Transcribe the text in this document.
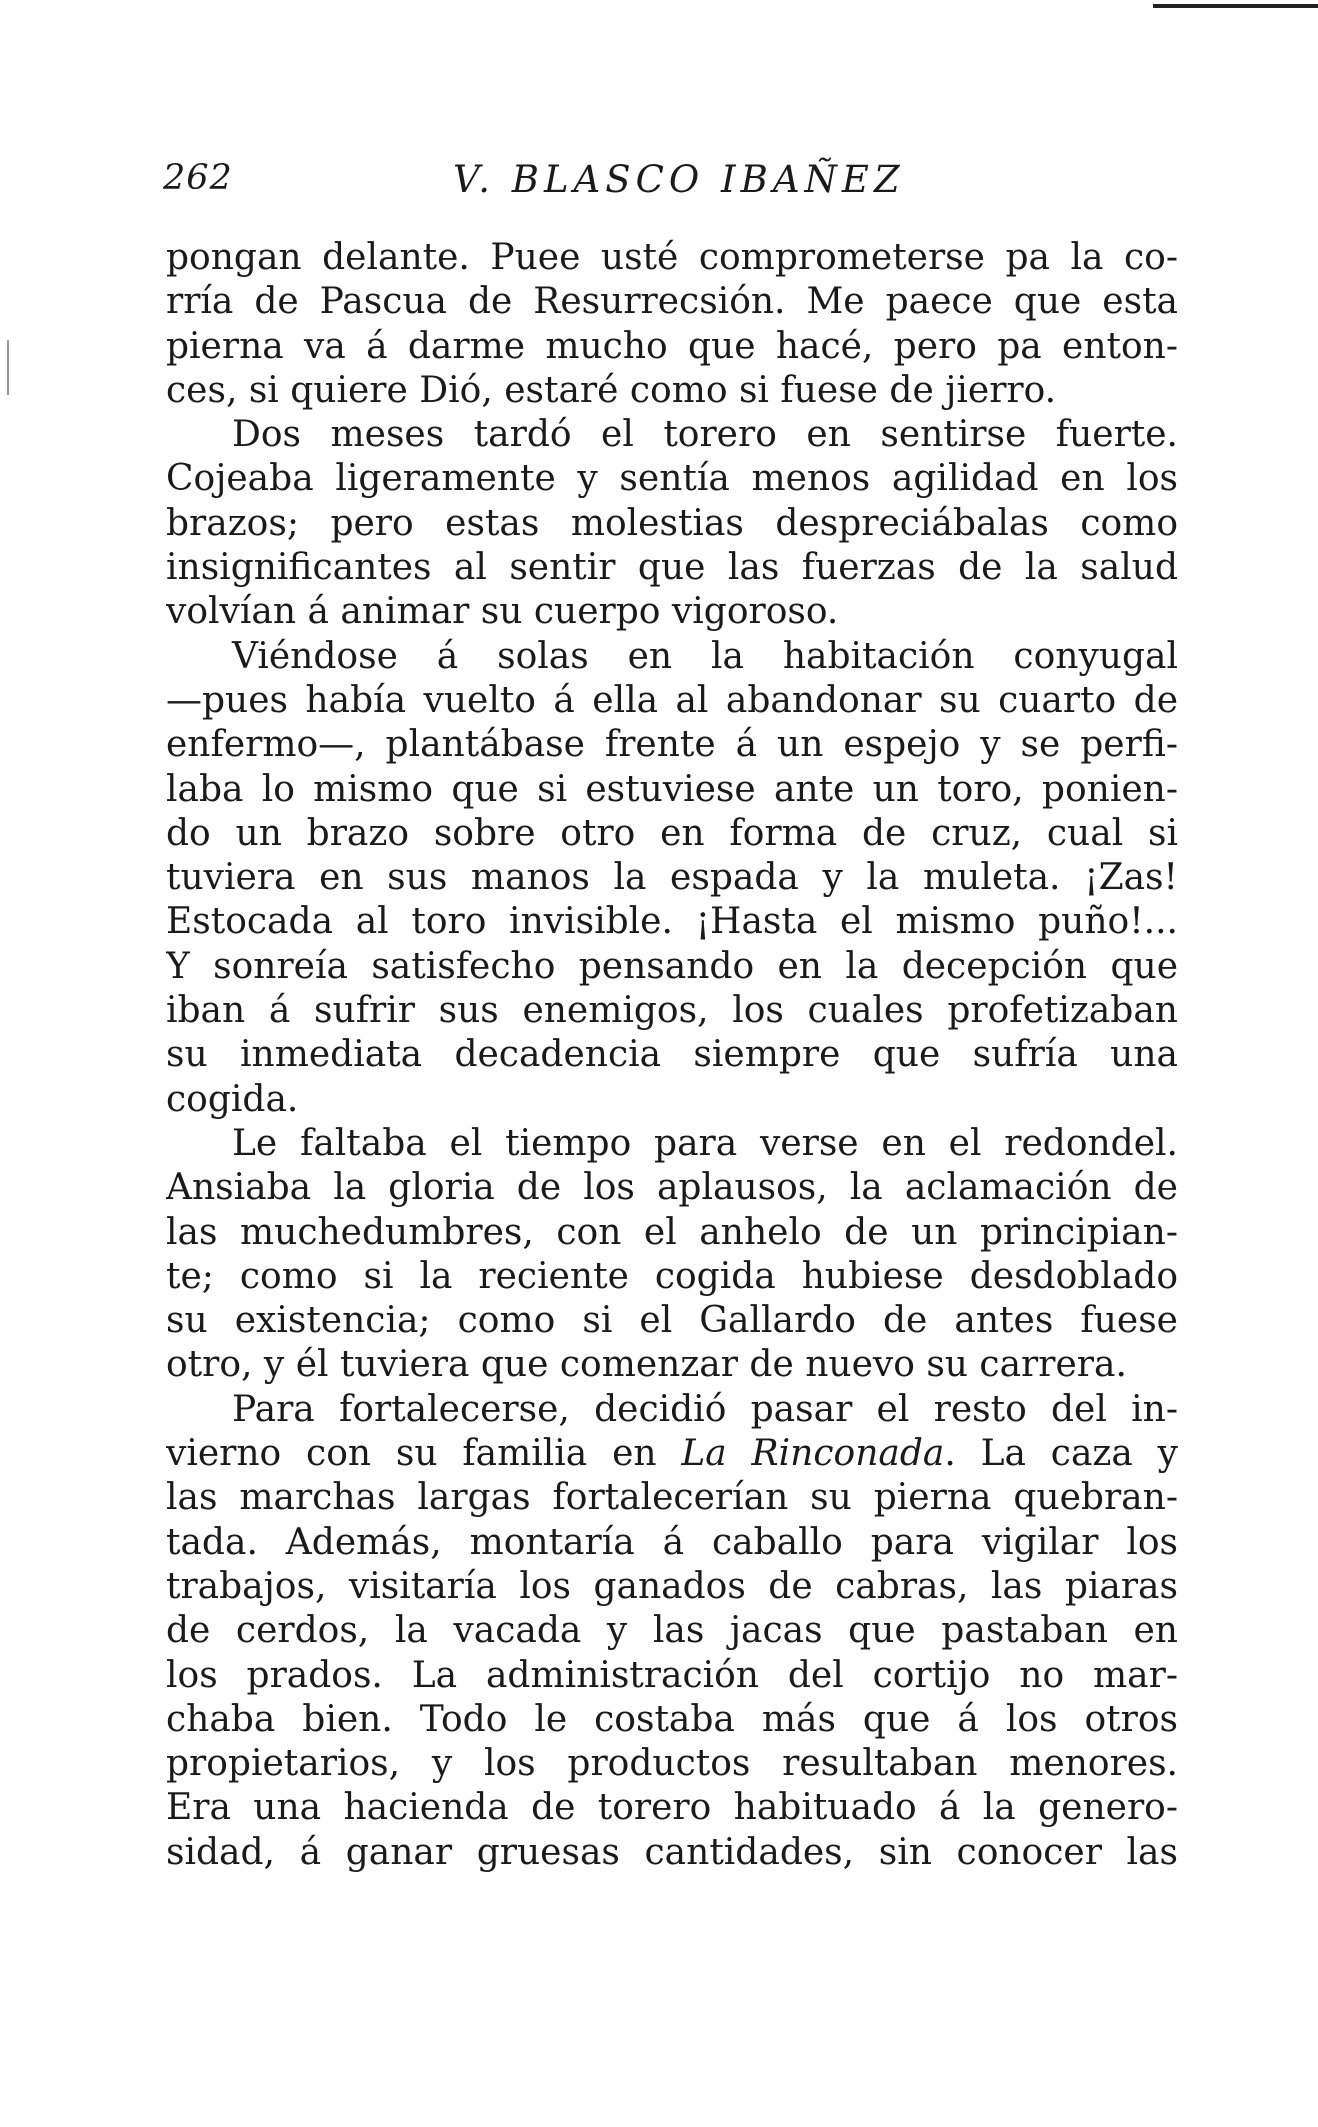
262	V. BLASCO IBAÑEZ
pongan delante. Puee usté comprometerse pa la co-
rría de Pascua de Resurrecsión. Me paece que esta
pierna va á darme mucho que hacé, pero pa enton-
ces, si quiere Dió, estaré como si fuese de jierro.
Dos meses tardó el torero en sentirse fuerte.
Cojeaba ligeramente y sentía menos agilidad en los
brazos; pero estas molestias despreciábalas como
insignificantes al sentir que las fuerzas de la salud
volvían á animar su cuerpo vigoroso.
Viéndose á solas en la habitación conyugal
—pues había vuelto á ella al abandonar su cuarto de
enfermo—, plantábase frente á un espejo y se perfi-
laba lo mismo que si estuviese ante un toro, ponien-
do un brazo sobre otro en forma de cruz, cual si
tuviera en sus manos la espada y la muleta. ¡Zas!
Estocada al toro invisible. ¡Hasta el mismo puño!...
Y sonreía satisfecho pensando en la decepción que
iban á sufrir sus enemigos, los cuales profetizaban
su inmediata decadencia siempre que sufría una
cogida.
Le faltaba el tiempo para verse en el redondel.
Ansiaba la gloria de los aplausos, la aclamación de
las muchedumbres, con el anhelo de un principian-
te; como si la reciente cogida hubiese desdoblado
su existencia; como si el Gallardo de antes fuese
otro, y él tuviera que comenzar de nuevo su carrera.
Para fortalecerse, decidió pasar el resto del in-
vierno con su familia en La Rinconada. La caza y
las marchas largas fortalecerían su pierna quebran-
tada. Además, montaría á caballo para vigilar los
trabajos, visitaría los ganados de cabras, las piaras
de cerdos, la vacada y las jacas que pastaban en
los prados. La administración del cortijo no mar-
chaba bien. Todo le costaba más que á los otros
propietarios, y los productos resultaban menores.
Era una hacienda de torero habituado á la genero-
sidad, á ganar gruesas cantidades, sin conocer las
